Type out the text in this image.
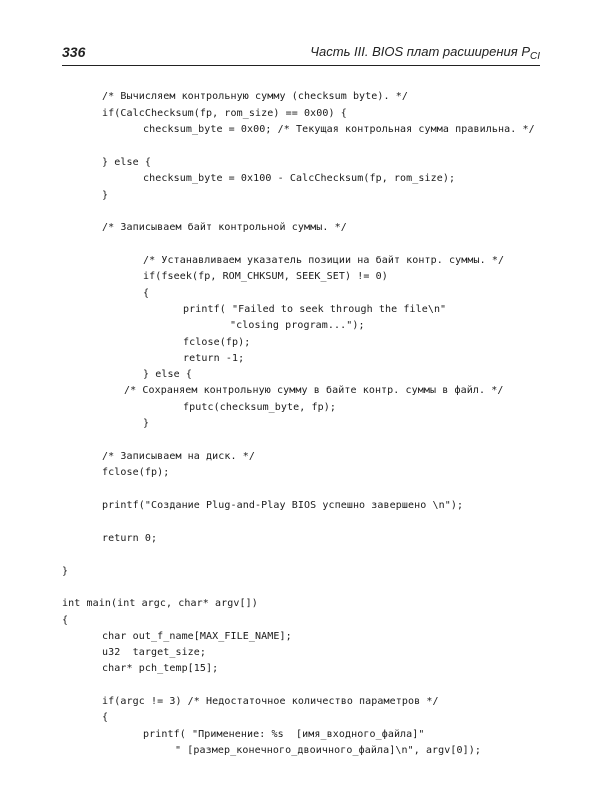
336	Часть III. BIOS плат расширения $P_{CI}$
/* Вычисляем контрольную сумму (checksum byte). */
if(CalcChecksum(fp, rom_size) == 0x00) {
checksum_byte = 0x00; /* Текущая контрольная сумма правильна. */
} else {
checksum_byte = 0x100 - CalcChecksum(fp, rom_size);
}
/* Записываем байт контрольной суммы. */
/* Устанавливаем указатель позиции на байт контр. суммы. */
if(fseek(fp, ROM_CHKSUM, SEEK_SET) != 0)
{
printf( "Failed to seek through the file\n"
"closing program...");
fclose(fp);
return -1;
} else {
/* Сохраняем контрольную сумму в байте контр. суммы в файл. */
fputc(checksum_byte, fp);
}
/* Записываем на диск. */
fclose(fp);
printf("Создание Plug-and-Play BIOS успешно завершено \n");
return 0;
}
int main(int argc, char* argv[])
{
char out_f_name[MAX_FILE_NAME];
u32  target_size;
char* pch_temp[15];
if(argc != 3) /* Недостаточное количество параметров */
{
printf( "Применение: %s  [имя_входного_файла]"
" [размер_конечного_двоичного_файла]\n", argv[0]);
